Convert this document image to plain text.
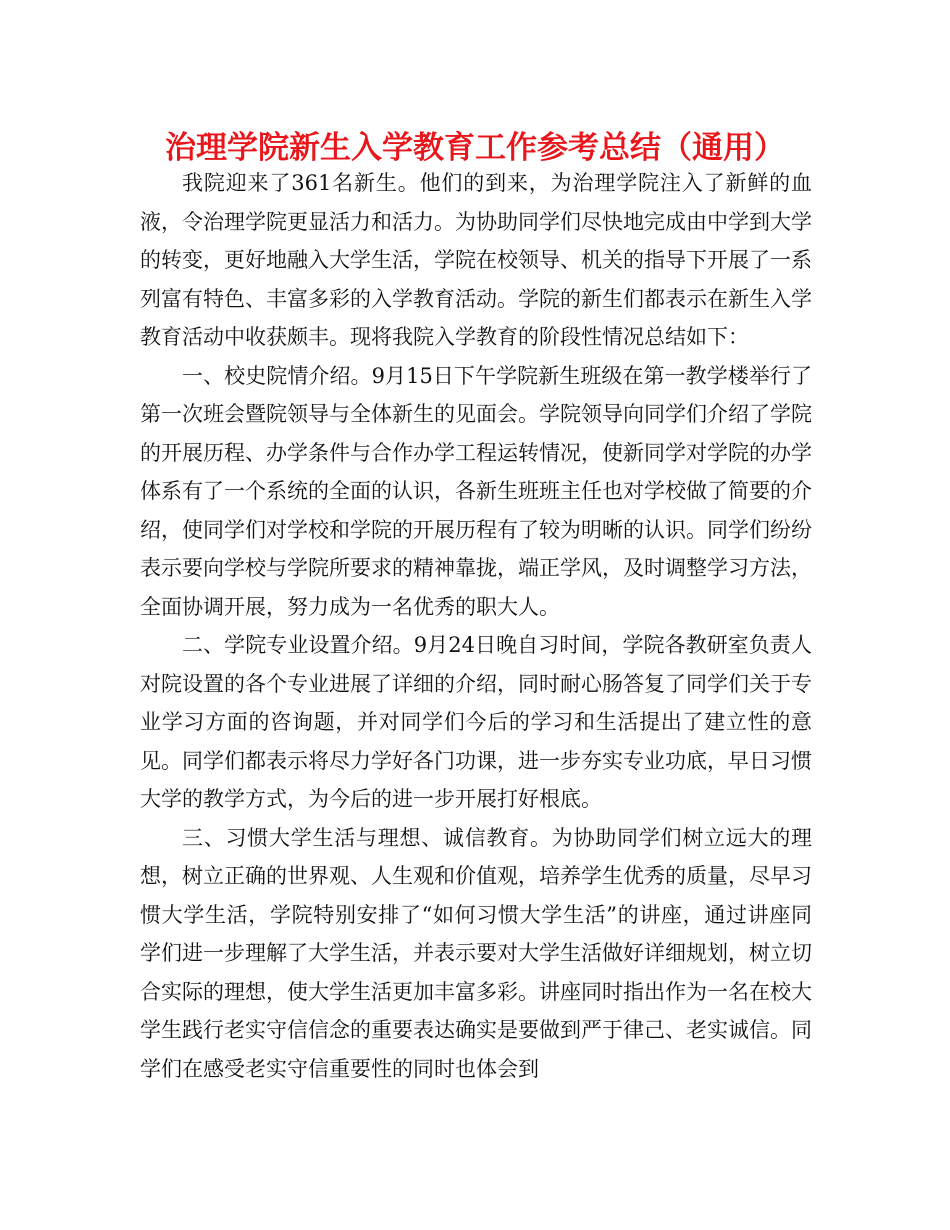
治理学院新生入学教育工作参考总结（通用）

我院迎来了361名新生。他们的到来，为治理学院注入了新鲜的血液，令治理学院更显活力和活力。为协助同学们尽快地完成由中学到大学的转变，更好地融入大学生活，学院在校领导、机关的指导下开展了一系列富有特色、丰富多彩的入学教育活动。学院的新生们都表示在新生入学教育活动中收获颇丰。现将我院入学教育的阶段性情况总结如下：

一、校史院情介绍。9月15日下午学院新生班级在第一教学楼举行了第一次班会暨院领导与全体新生的见面会。学院领导向同学们介绍了学院的开展历程、办学条件与合作办学工程运转情况，使新同学对学院的办学体系有了一个系统的全面的认识，各新生班班主任也对学校做了简要的介绍，使同学们对学校和学院的开展历程有了较为明晰的认识。同学们纷纷表示要向学校与学院所要求的精神靠拢，端正学风，及时调整学习方法，全面协调开展，努力成为一名优秀的职大人。

二、学院专业设置介绍。9月24日晚自习时间，学院各教研室负责人对院设置的各个专业进展了详细的介绍，同时耐心肠答复了同学们关于专业学习方面的咨询题，并对同学们今后的学习和生活提出了建立性的意见。同学们都表示将尽力学好各门功课，进一步夯实专业功底，早日习惯大学的教学方式，为今后的进一步开展打好根底。

三、习惯大学生活与理想、诚信教育。为协助同学们树立远大的理想，树立正确的世界观、人生观和价值观，培养学生优秀的质量，尽早习惯大学生活，学院特别安排了“如何习惯大学生活”的讲座，通过讲座同学们进一步理解了大学生活，并表示要对大学生活做好详细规划，树立切合实际的理想，使大学生活更加丰富多彩。讲座同时指出作为一名在校大学生践行老实守信信念的重要表达确实是要做到严于律己、老实诚信。同学们在感受老实守信重要性的同时也体会到
